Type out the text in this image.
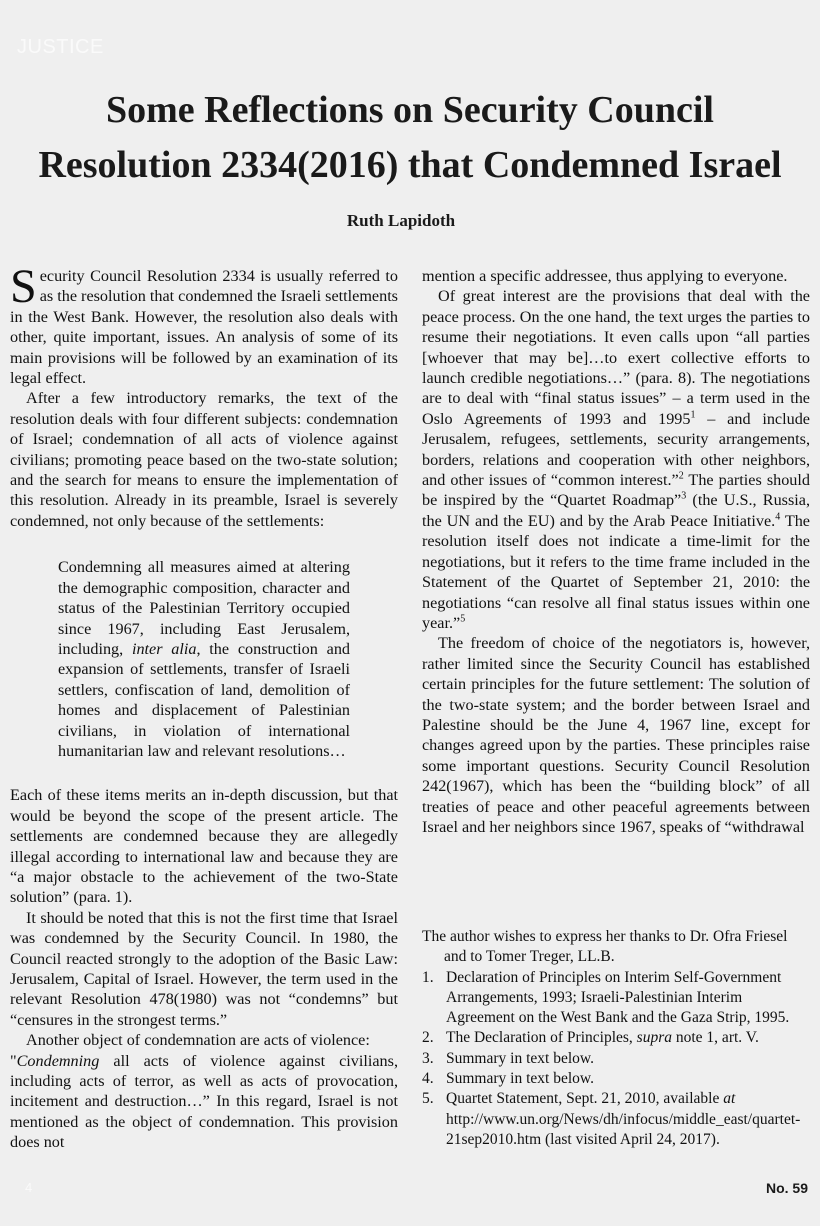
JUSTICE
Some Reflections on Security Council
Resolution 2334(2016) that Condemned Israel
Ruth Lapidoth

Security Council Resolution 2334 is usually referred to as the resolution that condemned the Israeli settlements in the West Bank. However, the resolution also deals with other, quite important, issues. An analysis of some of its main provisions will be followed by an examination of its legal effect.

After a few introductory remarks, the text of the resolution deals with four different subjects: condemnation of Israel; condemnation of all acts of violence against civilians; promoting peace based on the two-state solution; and the search for means to ensure the implementation of this resolution. Already in its preamble, Israel is severely condemned, not only because of the settlements:

Condemning all measures aimed at altering the demographic composition, character and status of the Palestinian Territory occupied since 1967, including East Jerusalem, including, inter alia, the construction and expansion of settlements, transfer of Israeli settlers, confiscation of land, demolition of homes and displacement of Palestinian civilians, in violation of international humanitarian law and relevant resolutions…

Each of these items merits an in-depth discussion, but that would be beyond the scope of the present article. The settlements are condemned because they are allegedly illegal according to international law and because they are “a major obstacle to the achievement of the two-State solution” (para. 1).

It should be noted that this is not the first time that Israel was condemned by the Security Council. In 1980, the Council reacted strongly to the adoption of the Basic Law: Jerusalem, Capital of Israel. However, the term used in the relevant Resolution 478(1980) was not “condemns” but “censures in the strongest terms.”

Another object of condemnation are acts of violence:

"Condemning all acts of violence against civilians, including acts of terror, as well as acts of provocation, incitement and destruction…” In this regard, Israel is not mentioned as the object of condemnation. This provision does not

mention a specific addressee, thus applying to everyone.

Of great interest are the provisions that deal with the peace process. On the one hand, the text urges the parties to resume their negotiations. It even calls upon “all parties [whoever that may be]…to exert collective efforts to launch credible negotiations…” (para. 8). The negotiations are to deal with “final status issues” – a term used in the Oslo Agreements of 1993 and 1995$^1$ – and include Jerusalem, refugees, settlements, security arrangements, borders, relations and cooperation with other neighbors, and other issues of “common interest.”$^2$ The parties should be inspired by the “Quartet Roadmap”$^3$ (the U.S., Russia, the UN and the EU) and by the Arab Peace Initiative.$^4$ The resolution itself does not indicate a time-limit for the negotiations, but it refers to the time frame included in the Statement of the Quartet of September 21, 2010: the negotiations “can resolve all final status issues within one year.”$^5$

The freedom of choice of the negotiators is, however, rather limited since the Security Council has established certain principles for the future settlement: The solution of the two-state system; and the border between Israel and Palestine should be the June 4, 1967 line, except for changes agreed upon by the parties. These principles raise some important questions. Security Council Resolution 242(1967), which has been the “building block” of all treaties of peace and other peaceful agreements between Israel and her neighbors since 1967, speaks of “withdrawal

The author wishes to express her thanks to Dr. Ofra Friesel and to Tomer Treger, LL.B.

1. Declaration of Principles on Interim Self-Government Arrangements, 1993; Israeli-Palestinian Interim Agreement on the West Bank and the Gaza Strip, 1995.
2. The Declaration of Principles, supra note 1, art. V.
3. Summary in text below.
4. Summary in text below.
5. Quartet Statement, Sept. 21, 2010, available at http://www.un.org/News/dh/infocus/middle_east/quartet-21sep2010.htm (last visited April 24, 2017).
4	No. 59
